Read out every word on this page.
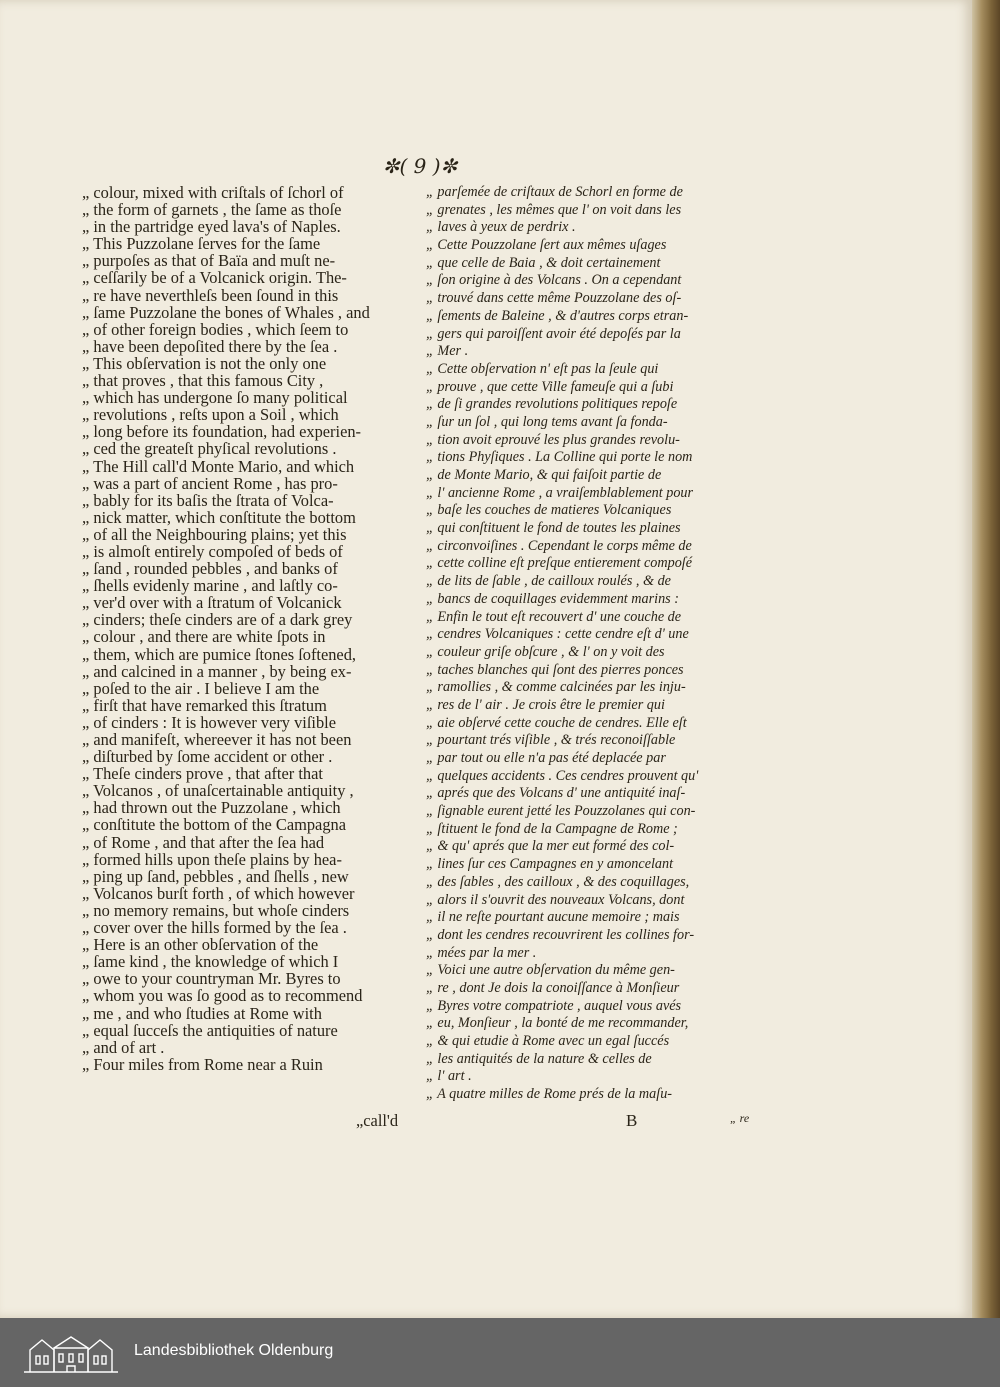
✼( 9 )✼
„ colour, mixed with criſtals of ſchorl of
„ the form of garnets , the ſame as thoſe
„ in the partridge eyed lava's of Naples.
„ This Puzzolane ſerves for the ſame
„ purpoſes as that of Baïa and muſt ne-
„ ceſſarily be of a Volcanick origin. The-
„ re have neverthleſs been ſound in this
„ ſame Puzzolane the bones of Whales , and
„ of other foreign bodies , which ſeem to
„ have been depoſited there by the ſea .
„ This obſervation is not the only one
„ that proves , that this famous City ,
„ which has undergone ſo many political
„ revolutions , reſts upon a Soil , which
„ long before its foundation, had experien-
„ ced the greateſt phyſical revolutions .
„ The Hill call'd Monte Mario, and which
„ was a part of ancient Rome , has pro-
„ bably for its baſis the ſtrata of Volca-
„ nick matter, which conſtitute the bottom
„ of all the Neighbouring plains; yet this
„ is almoſt entirely compoſed of beds of
„ ſand , rounded pebbles , and banks of
„ ſhells evidenly marine , and laſtly co-
„ ver'd over with a ſtratum of Volcanick
„ cinders; theſe cinders are of a dark grey
„ colour , and there are white ſpots in
„ them, which are pumice ſtones ſoftened,
„ and calcined in a manner , by being ex-
„ poſed to the air . I believe I am the
„ firſt that have remarked this ſtratum
„ of cinders : It is however very viſible
„ and manifeſt, whereever it has not been
„ diſturbed by ſome accident or other .
„ Theſe cinders prove , that after that
„ Volcanos , of unaſcertainable antiquity ,
„ had thrown out the Puzzolane , which
„ conſtitute the bottom of the Campagna
„ of Rome , and that after the ſea had
„ formed hills upon theſe plains by hea-
„ ping up ſand, pebbles , and ſhells , new
„ Volcanos burſt forth , of which however
„ no memory remains, but whoſe cinders
„ cover over the hills formed by the ſea .
„ Here is an other obſervation of the
„ ſame kind , the knowledge of which I
„ owe to your countryman Mr. Byres to
„ whom you was ſo good as to recommend
„ me , and who ſtudies at Rome with
„ equal ſucceſs the antiquities of nature
„ and of art .
„ Four miles from Rome near a Ruin
„ parſemée de criſtaux de Schorl en forme de
„ grenates , les mêmes que l' on voit dans les
„ laves à yeux de perdrix .
„ Cette Pouzzolane ſert aux mêmes uſages
„ que celle de Baia , & doit certainement
„ ſon origine à des Volcans . On a cependant
„ trouvé dans cette même Pouzzolane des oſ-
„ ſements de Baleine , & d'autres corps etran-
„ gers qui paroiſſent avoir été depoſés par la
„ Mer .
„ Cette obſervation n' eſt pas la ſeule qui
„ prouve , que cette Ville fameuſe qui a ſubi
„ de ſi grandes revolutions politiques repoſe
„ ſur un ſol , qui long tems avant ſa fonda-
„ tion avoit eprouvé les plus grandes revolu-
„ tions Phyſiques . La Colline qui porte le nom
„ de Monte Mario, & qui faiſoit partie de
„ l' ancienne Rome , a vraiſemblablement pour
„ baſe les couches de matieres Volcaniques
„ qui conſtituent le fond de toutes les plaines
„ circonvoiſines . Cependant le corps même de
„ cette colline eſt preſque entierement compoſé
„ de lits de ſable , de cailloux roulés , & de
„ bancs de coquillages evidemment marins :
„ Enfin le tout eſt recouvert d' une couche de
„ cendres Volcaniques : cette cendre eſt d' une
„ couleur griſe obſcure , & l' on y voit des
„ taches blanches qui ſont des pierres ponces
„ ramollies , & comme calcinées par les inju-
„ res de l' air . Je crois être le premier qui
„ aie obſervé cette couche de cendres. Elle eſt
„ pourtant trés viſible , & trés reconoiſſable
„ par tout ou elle n'a pas été deplacée par
„ quelques accidents . Ces cendres prouvent qu'
„ aprés que des Volcans d' une antiquité inaſ-
„ ſignable eurent jetté les Pouzzolanes qui con-
„ ſtituent le fond de la Campagne de Rome ;
„ & qu' aprés que la mer eut formé des col-
„ lines ſur ces Campagnes en y amoncelant
„ des ſables , des cailloux , & des coquillages,
„ alors il s'ouvrit des nouveaux Volcans, dont
„ il ne reſte pourtant aucune memoire ; mais
„ dont les cendres recouvrirent les collines for-
„ mées par la mer .
„ Voici une autre obſervation du même gen-
„ re , dont Je dois la conoiſſance à Monſieur
„ Byres votre compatriote , auquel vous avés
„ eu, Monſieur , la bonté de me recommander,
„ & qui etudie à Rome avec un egal ſuccés
„ les antiquités de la nature & celles de
„ l' art .
„ A quatre milles de Rome prés de la maſu-
„call'd	B	„ re
Landesbibliothek Oldenburg
